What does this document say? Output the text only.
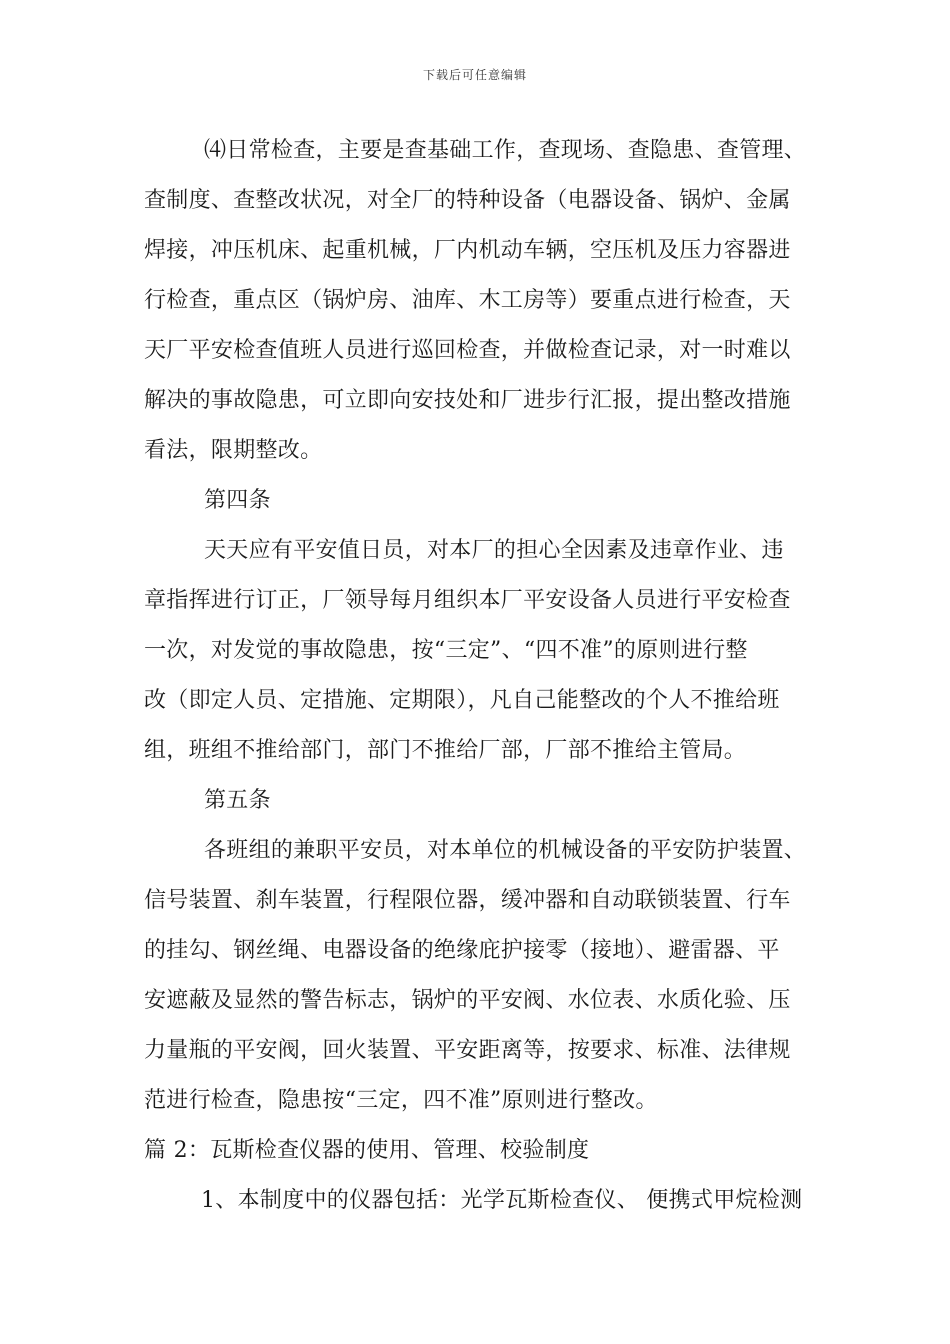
下载后可任意编辑
⑷日常检查，主要是查基础工作，查现场、查隐患、查管理、
查制度、查整改状况，对全厂的特种设备（电器设备、锅炉、金属
焊接，冲压机床、起重机械，厂内机动车辆，空压机及压力容器进
行检查，重点区（锅炉房、油库、木工房等）要重点进行检查，天
天厂平安检查值班人员进行巡回检查，并做检查记录，对一时难以
解决的事故隐患，可立即向安技处和厂进步行汇报，提出整改措施
看法，限期整改。
第四条
天天应有平安值日员，对本厂的担心全因素及违章作业、违
章指挥进行订正，厂领导每月组织本厂平安设备人员进行平安检查
一次，对发觉的事故隐患，按“三定”、“四不准”的原则进行整
改（即定人员、定措施、定期限），凡自己能整改的个人不推给班
组，班组不推给部门，部门不推给厂部，厂部不推给主管局。
第五条
各班组的兼职平安员，对本单位的机械设备的平安防护装置、
信号装置、刹车装置，行程限位器，缓冲器和自动联锁装置、行车
的挂勾、钢丝绳、电器设备的绝缘庇护接零（接地）、避雷器、平
安遮蔽及显然的警告标志，锅炉的平安阀、水位表、水质化验、压
力量瓶的平安阀，回火装置、平安距离等，按要求、标准、法律规
范进行检查，隐患按“三定，四不准”原则进行整改。
篇 2：瓦斯检查仪器的使用、管理、校验制度
1、本制度中的仪器包括：光学瓦斯检查仪、 便携式甲烷检测
